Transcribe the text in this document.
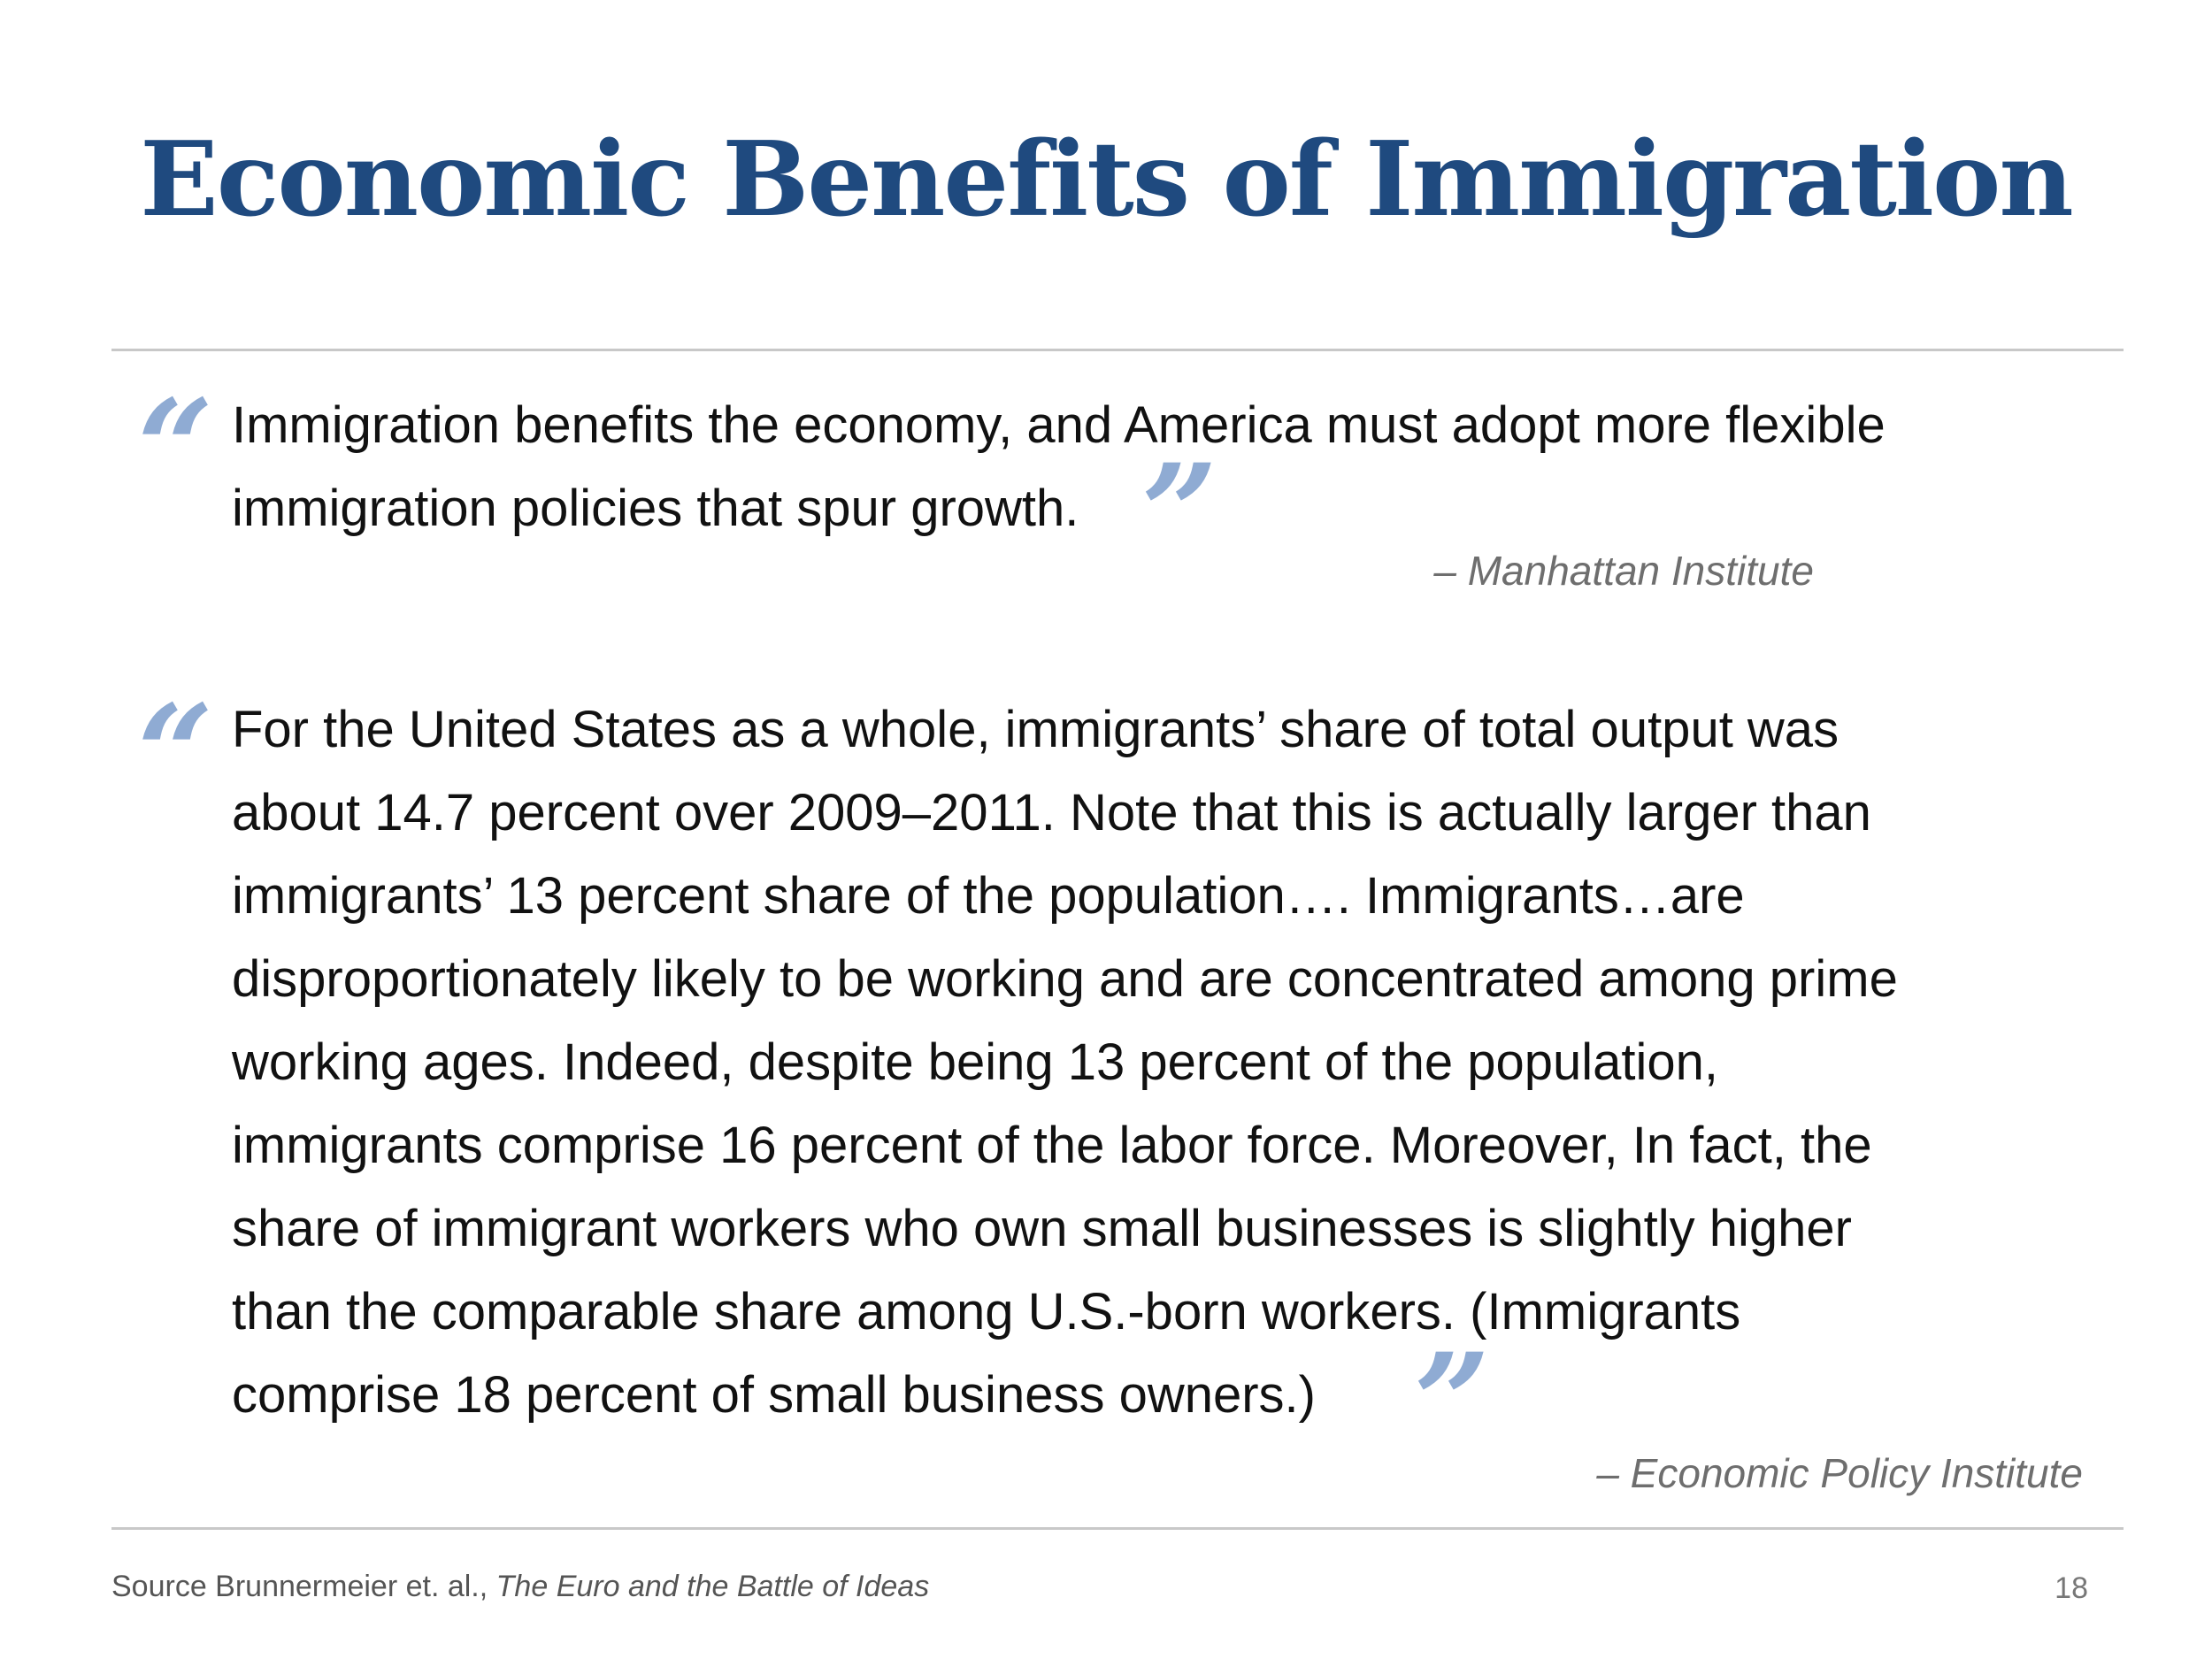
Economic Benefits of Immigration
“ Immigration benefits the economy, and America must adopt more flexible
immigration policies that spur growth. ”	– Manhattan Institute
“ For the United States as a whole, immigrants’ share of total output was
about 14.7 percent over 2009–2011. Note that this is actually larger than
immigrants’ 13 percent share of the population…. Immigrants…are
disproportionately likely to be working and are concentrated among prime
working ages. Indeed, despite being 13 percent of the population,
immigrants comprise 16 percent of the labor force. Moreover, In fact, the
share of immigrant workers who own small businesses is slightly higher
than the comparable share among U.S.-born workers. (Immigrants
comprise 18 percent of small business owners.) ”	– Economic Policy Institute
Source Brunnermeier et. al., The Euro and the Battle of Ideas	18
